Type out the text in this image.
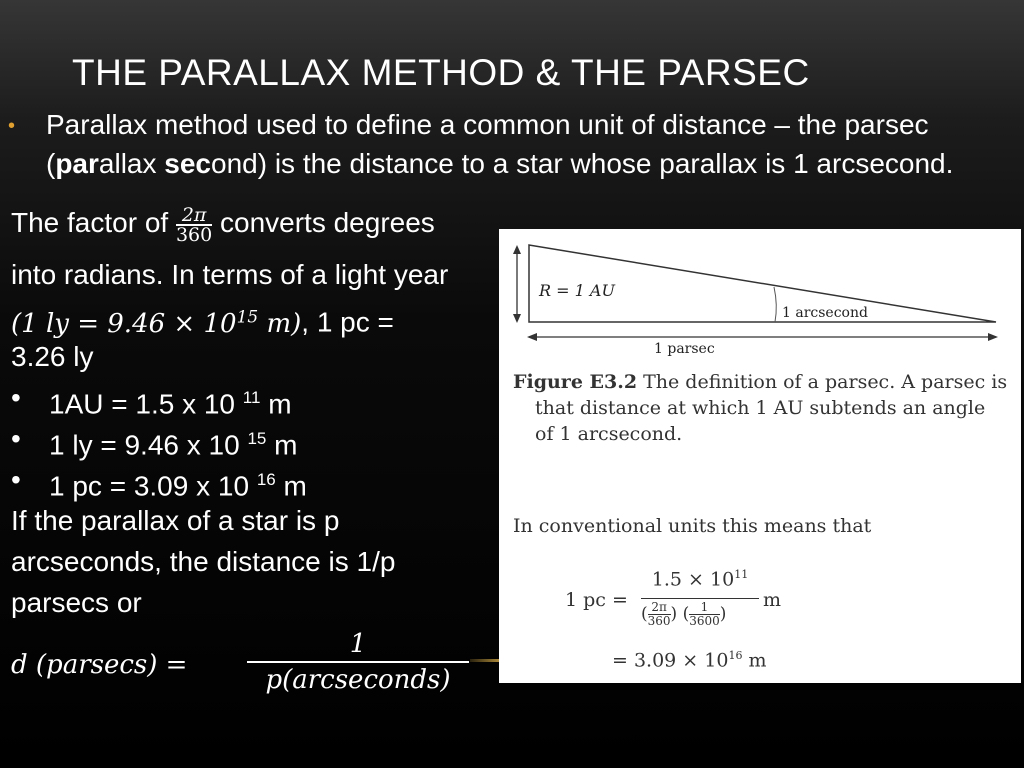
THE PARALLAX METHOD & THE PARSEC
• Parallax method used to define a common unit of distance – the parsec (parallax second) is the distance to a star whose parallax is 1 arcsecond.
The factor of $\frac{2\pi}{360}$ converts degrees
into radians. In terms of a light year
(1 ly = $9.46 \times 10^{15}$ m), 1 pc =
3.26 ly
• 1AU = 1.5 x 10 $^{11}$ m
• 1 ly = 9.46 x 10 $^{15}$ m
• 1 pc = 3.09 x 10 $^{16}$ m
If the parallax of a star is p
arcseconds, the distance is 1/p
parsecs or
d (parsecs) =
1
p(arcseconds)
R = 1 AU
1 arcsecond
1 parsec
Figure E3.2 The definition of a parsec. A parsec is
that distance at which 1 AU subtends an angle
of 1 arcsecond.
In conventional units this means that
1 pc =
$1.5 \times 10^{11}$
( $\frac{2\pi}{360}$ ) ( $\frac{1}{3600}$ )
m
= $3.09 \times 10^{16}$ m
